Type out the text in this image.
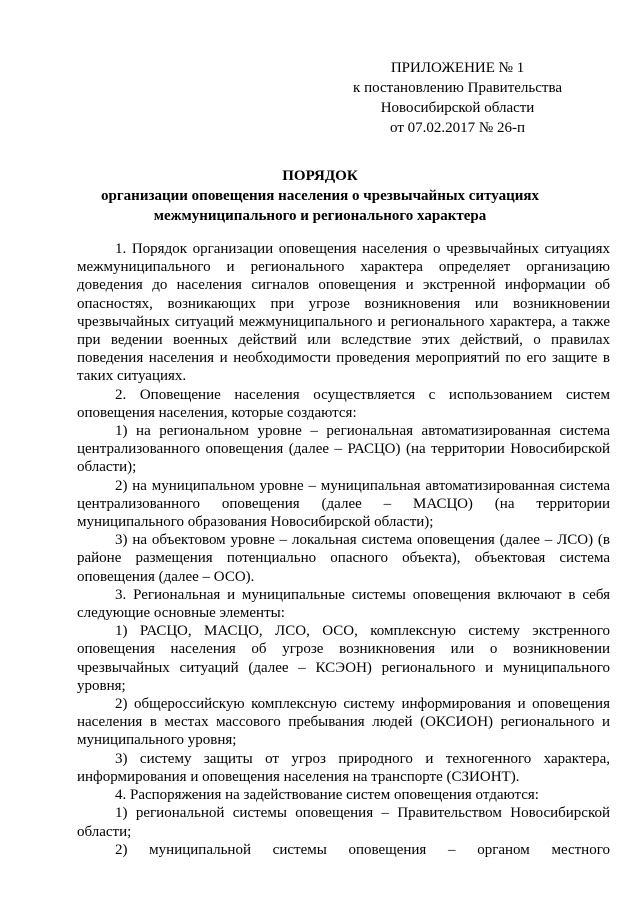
ПРИЛОЖЕНИЕ № 1
к постановлению Правительства
Новосибирской области
от 07.02.2017 № 26-п
ПОРЯДОК
организации оповещения населения о чрезвычайных ситуациях
межмуниципального и регионального характера

1. Порядок организации оповещения населения о чрезвычайных ситуациях межмуниципального и регионального характера определяет организацию доведения до населения сигналов оповещения и экстренной информации об опасностях, возникающих при угрозе возникновения или возникновении чрезвычайных ситуаций межмуниципального и регионального характера, а также при ведении военных действий или вследствие этих действий, о правилах поведения населения и необходимости проведения мероприятий по его защите в таких ситуациях.

2. Оповещение населения осуществляется с использованием систем оповещения населения, которые создаются:

1) на региональном уровне – региональная автоматизированная система централизованного оповещения (далее – РАСЦО) (на территории Новосибирской области);

2) на муниципальном уровне – муниципальная автоматизированная система централизованного оповещения (далее – МАСЦО) (на территории муниципального образования Новосибирской области);

3) на объектовом уровне – локальная система оповещения (далее – ЛСО) (в районе размещения потенциально опасного объекта), объектовая система оповещения (далее – ОСО).

3. Региональная и муниципальные системы оповещения включают в себя следующие основные элементы:

1) РАСЦО, МАСЦО, ЛСО, ОСО, комплексную систему экстренного оповещения населения об угрозе возникновения или о возникновении чрезвычайных ситуаций (далее – КСЭОН) регионального и муниципального уровня;

2) общероссийскую комплексную систему информирования и оповещения населения в местах массового пребывания людей (ОКСИОН) регионального и муниципального уровня;

3) систему защиты от угроз природного и техногенного характера, информирования и оповещения населения на транспорте (СЗИОНТ).

4. Распоряжения на задействование систем оповещения отдаются:

1) региональной системы оповещения – Правительством Новосибирской области;

2) муниципальной системы оповещения – органом местного
